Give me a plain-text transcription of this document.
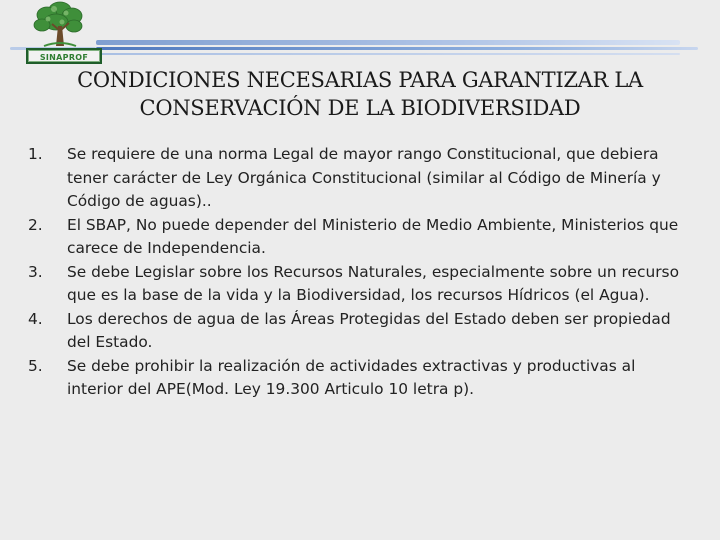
SINAPROF
CONDICIONES NECESARIAS PARA GARANTIZAR LA
CONSERVACIÓN DE LA BIODIVERSIDAD
1.	Se requiere de una norma Legal de mayor rango Constitucional, que debiera tener carácter de Ley Orgánica Constitucional (similar al Código de Minería y Código de aguas)..
2.	El SBAP, No puede depender del Ministerio de Medio Ambiente, Ministerios que carece de Independencia.
3.	Se debe Legislar sobre los Recursos Naturales, especialmente sobre un recurso que es la base de la vida y la Biodiversidad, los recursos Hídricos (el Agua).
4.	Los derechos de agua de las Áreas Protegidas del Estado deben ser propiedad del Estado.
5.	Se debe prohibir la realización de actividades extractivas y productivas al interior del APE(Mod. Ley 19.300 Articulo 10 letra p).
